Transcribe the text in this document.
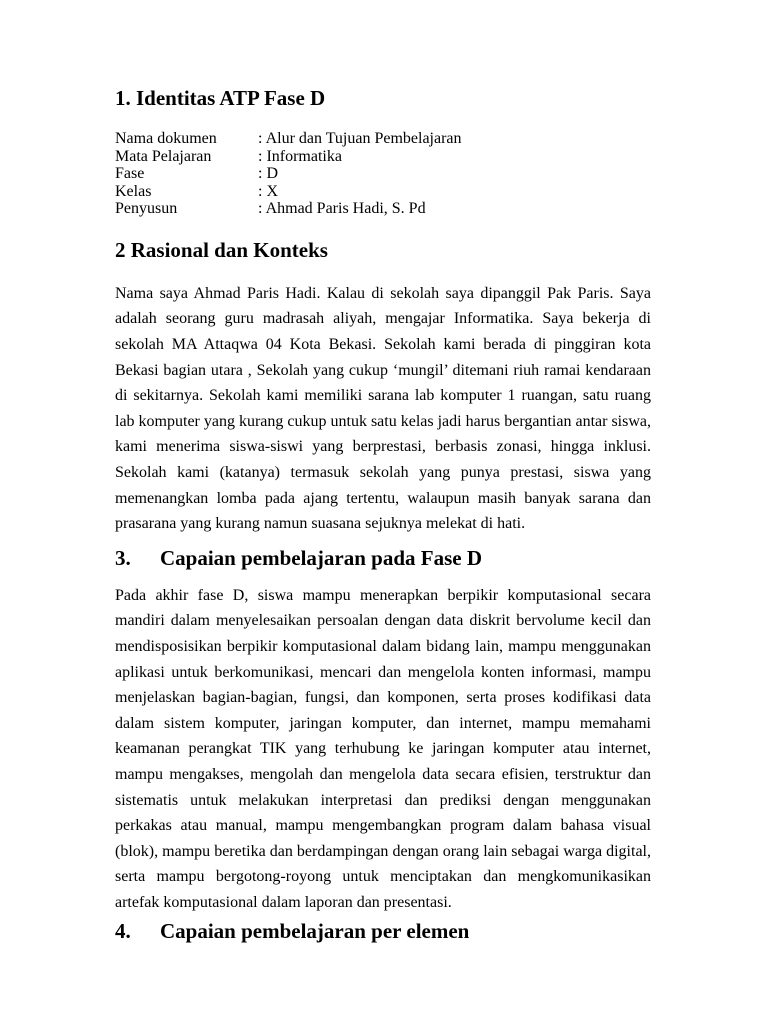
1. Identitas ATP Fase D
Nama dokumen	: Alur dan Tujuan Pembelajaran
Mata Pelajaran	: Informatika
Fase	: D
Kelas	: X
Penyusun	: Ahmad Paris Hadi, S. Pd
2 Rasional dan Konteks

Nama saya Ahmad Paris Hadi. Kalau di sekolah saya dipanggil Pak Paris. Saya adalah seorang guru madrasah aliyah, mengajar Informatika. Saya bekerja di sekolah MA Attaqwa 04 Kota Bekasi. Sekolah kami berada di pinggiran kota Bekasi bagian utara , Sekolah yang cukup ‘mungil’ ditemani riuh ramai kendaraan di sekitarnya. Sekolah kami memiliki sarana lab komputer 1 ruangan, satu ruang lab komputer yang kurang cukup untuk satu kelas jadi harus bergantian antar siswa, kami menerima siswa-siswi yang berprestasi, berbasis zonasi, hingga inklusi. Sekolah kami (katanya) termasuk sekolah yang punya prestasi, siswa yang memenangkan lomba pada ajang tertentu, walaupun masih banyak sarana dan prasarana yang kurang namun suasana sejuknya melekat di hati.

3.	Capaian pembelajaran pada Fase D

Pada akhir fase D, siswa mampu menerapkan berpikir komputasional secara mandiri dalam menyelesaikan persoalan dengan data diskrit bervolume kecil dan mendisposisikan berpikir komputasional dalam bidang lain, mampu menggunakan aplikasi untuk berkomunikasi, mencari dan mengelola konten informasi, mampu menjelaskan bagian-bagian, fungsi, dan komponen, serta proses kodifikasi data dalam sistem komputer, jaringan komputer, dan internet, mampu memahami keamanan perangkat TIK yang terhubung ke jaringan komputer atau internet, mampu mengakses, mengolah dan mengelola data secara efisien, terstruktur dan sistematis untuk melakukan interpretasi dan prediksi dengan menggunakan perkakas atau manual, mampu mengembangkan program dalam bahasa visual (blok), mampu beretika dan berdampingan dengan orang lain sebagai warga digital, serta mampu bergotong-royong untuk menciptakan dan mengkomunikasikan artefak komputasional dalam laporan dan presentasi.

4.	Capaian pembelajaran per elemen
